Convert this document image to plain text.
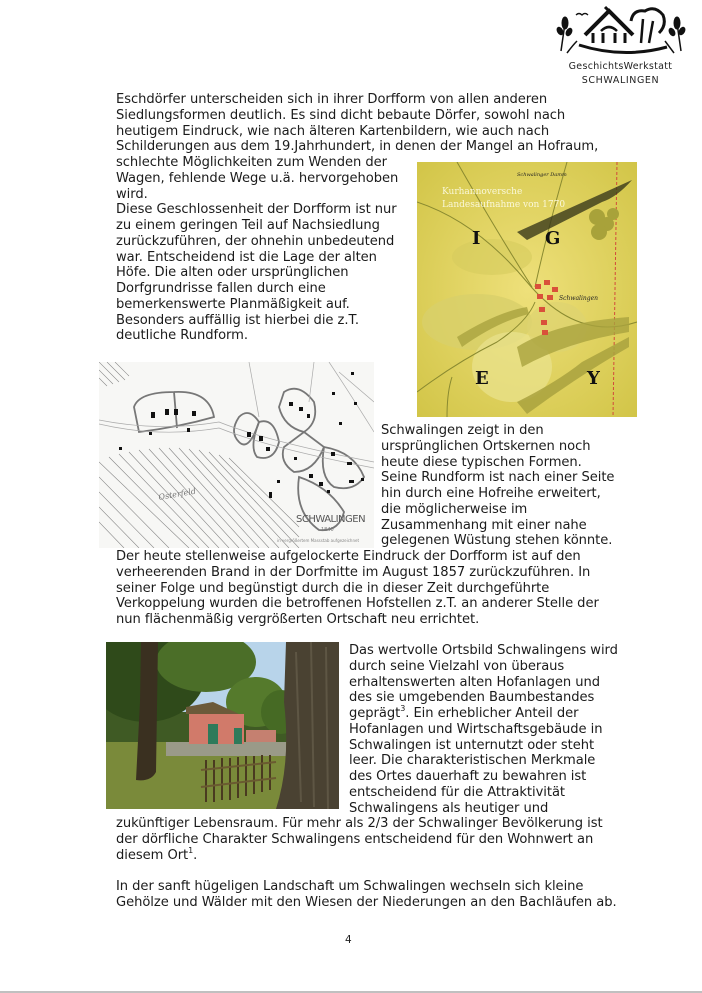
GeschichtsWerkstatt
SCHWALINGEN
Eschdörfer unterscheiden sich in ihrer Dorfform von allen anderen
Siedlungsformen deutlich. Es sind dicht bebaute Dörfer, sowohl nach
heutigem Eindruck, wie nach älteren Kartenbildern, wie auch nach
Schilderungen aus dem 19.Jahrhundert, in denen der Mangel an Hofraum,
schlechte Möglichkeiten zum Wenden der
Wagen, fehlende Wege u.ä. hervorgehoben
wird.
Diese Geschlossenheit der Dorfform ist nur
zu einem geringen Teil auf Nachsiedlung
zurückzuführen, der ohnehin unbedeutend
war. Entscheidend ist die Lage der alten
Höfe. Die alten oder ursprünglichen
Dorfgrundrisse fallen durch eine
bemerkenswerte Planmäßigkeit auf.
Besonders auffällig ist hierbei die z.T.
deutliche Rundform.
I	G
E	Y
Schwalingen
Schwalinger Damm
Kurhannoversche
Landesaufnahme von 1770
Osterfeld
SCHWALINGEN
1840
in vergrößertem Massstab aufgezeichnet
Schwalingen zeigt in den
ursprünglichen Ortskernen noch
heute diese typischen Formen.
Seine Rundform ist nach einer Seite
hin durch eine Hofreihe erweitert,
die möglicherweise im
Zusammenhang mit einer nahe
gelegenen Wüstung stehen könnte.
Der heute stellenweise aufgelockerte Eindruck der Dorfform ist auf den
verheerenden Brand in der Dorfmitte im August 1857 zurückzuführen. In
seiner Folge und begünstigt durch die in dieser Zeit durchgeführte
Verkoppelung wurden die betroffenen Hofstellen z.T. an anderer Stelle der
nun flächenmäßig vergrößerten Ortschaft neu errichtet.
Das wertvolle Ortsbild Schwalingens wird
durch seine Vielzahl von überaus
erhaltenswerten alten Hofanlagen und
des sie umgebenden Baumbestandes
geprägt$^3$. Ein erheblicher Anteil der
Hofanlagen und Wirtschaftsgebäude in
Schwalingen ist unternutzt oder steht
leer. Die charakteristischen Merkmale
des Ortes dauerhaft zu bewahren ist
entscheidend für die Attraktivität
Schwalingens als heutiger und
zukünftiger Lebensraum. Für mehr als 2/3 der Schwalinger Bevölkerung ist
der dörfliche Charakter Schwalingens entscheidend für den Wohnwert an
diesem Ort$^1$.
In der sanft hügeligen Landschaft um Schwalingen wechseln sich kleine
Gehölze und Wälder mit den Wiesen der Niederungen an den Bachläufen ab.
4
